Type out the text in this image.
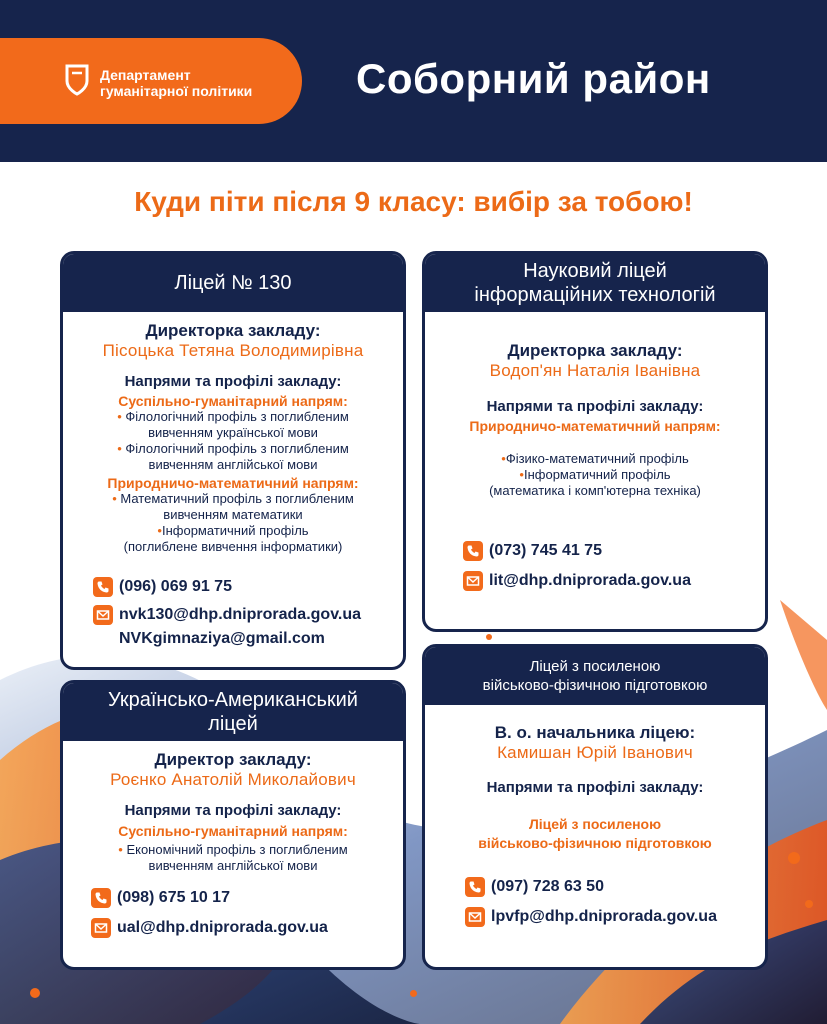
Департамент
гуманітарної політики	Соборний район
Куди піти після 9 класу: вибір за тобою!
Ліцей № 130
Директорка закладу:
Пісоцька Тетяна Володимирівна
Напрями та профілі закладу:
Суспільно-гуманітарний напрям:
• Філологічний профіль з поглибленим
вивченням української мови
• Філологічний профіль з поглибленим
вивченням англійської мови
Природничо-математичний напрям:
• Математичний профіль з поглибленим
вивченням математики
•Інформатичний профіль
(поглиблене вивчення інформатики)
(096) 069 91 75
nvk130@dhp.dniprorada.gov.ua
NVKgimnaziya@gmail.com
Науковий ліцей
інформаційних технологій
Директорка закладу:
Водоп'ян Наталія Іванівна
Напрями та профілі закладу:
Природничо-математичний напрям:
•Фізико-математичний профіль
•Інформатичний профіль
(математика і комп'ютерна техніка)
(073) 745 41 75
lit@dhp.dniprorada.gov.ua
Українсько-Американський
ліцей
Директор закладу:
Роєнко Анатолій Миколайович
Напрями та профілі закладу:
Суспільно-гуманітарний напрям:
• Економічний профіль з поглибленим
вивченням англійської мови
(098) 675 10 17
ual@dhp.dniprorada.gov.ua
Ліцей з посиленою
військово-фізичною підготовкою
В. о. начальника ліцею:
Камишан Юрій Іванович
Напрями та профілі закладу:
Ліцей з посиленою
військово-фізичною підготовкою
(097) 728 63 50
lpvfp@dhp.dniprorada.gov.ua
